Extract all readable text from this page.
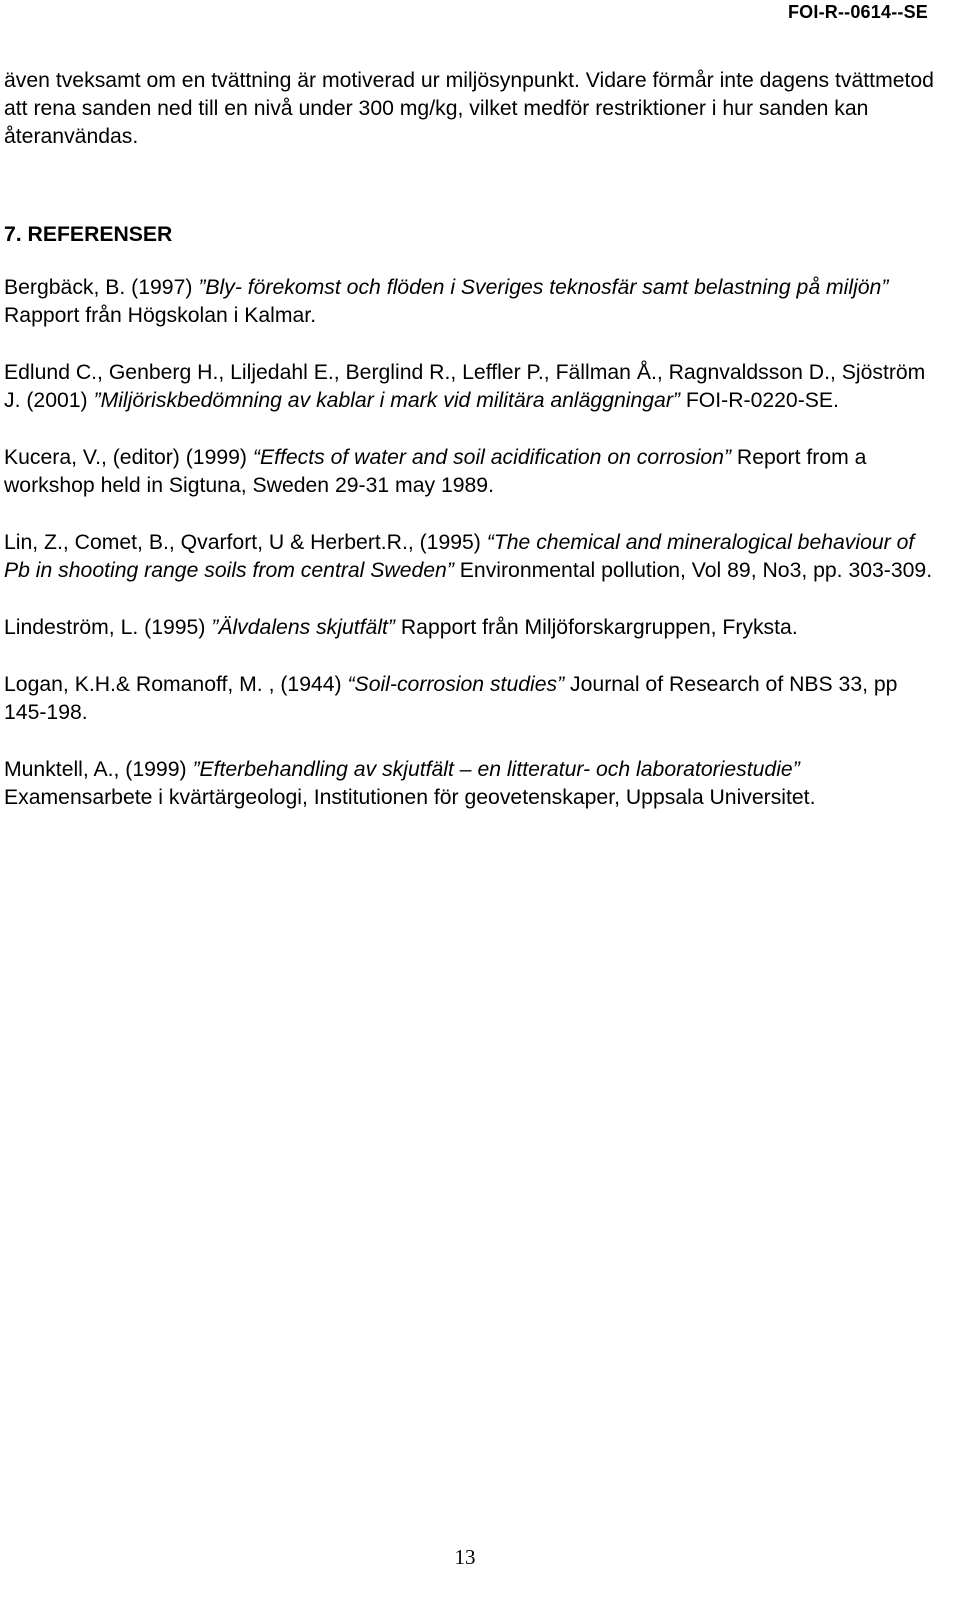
FOI-R--0614--SE

även tveksamt om en tvättning är motiverad ur miljösynpunkt. Vidare förmår inte dagens tvättmetod att rena sanden ned till en nivå under 300 mg/kg, vilket medför restriktioner i hur sanden kan återanvändas.

7. REFERENSER

Bergbäck, B. (1997) ”Bly- förekomst och flöden i Sveriges teknosfär samt belastning på miljön” Rapport från Högskolan i Kalmar.

Edlund C., Genberg H., Liljedahl E., Berglind R., Leffler P., Fällman Å., Ragnvaldsson D., Sjöström J. (2001) ”Miljöriskbedömning av kablar i mark vid militära anläggningar” FOI-R-0220-SE.

Kucera, V., (editor) (1999) “Effects of water and soil acidification on corrosion” Report from a workshop held in Sigtuna, Sweden 29-31 may 1989.

Lin, Z., Comet, B., Qvarfort, U & Herbert.R., (1995) “The chemical and mineralogical behaviour of Pb in shooting range soils from central Sweden” Environmental pollution, Vol 89, No3, pp. 303-309.

Lindeström, L. (1995) ”Älvdalens skjutfält” Rapport från Miljöforskargruppen, Fryksta.

Logan, K.H.& Romanoff, M. , (1944) “Soil-corrosion studies” Journal of Research of NBS 33, pp 145-198.

Munktell, A., (1999) ”Efterbehandling av skjutfält – en litteratur- och laboratoriestudie” Examensarbete i kvärtärgeologi, Institutionen för geovetenskaper, Uppsala Universitet.

13
